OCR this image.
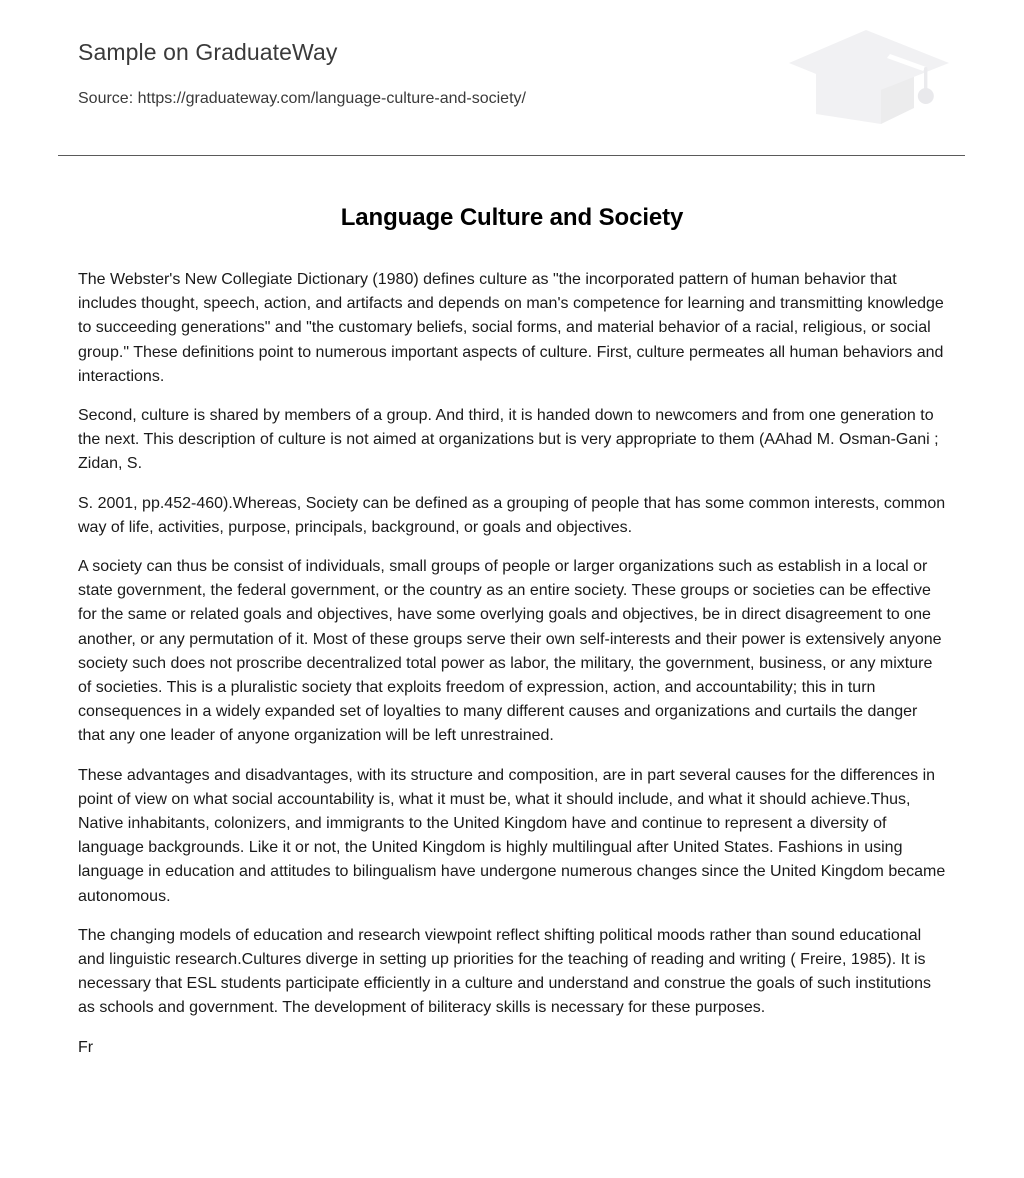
Sample on GraduateWay
Source: https://graduateway.com/language-culture-and-society/
Language Culture and Society

The Webster's New Collegiate Dictionary (1980) defines culture as "the incorporated pattern of human behavior that includes thought, speech, action, and artifacts and depends on man's competence for learning and transmitting knowledge to succeeding generations" and "the customary beliefs, social forms, and material behavior of a racial, religious, or social group." These definitions point to numerous important aspects of culture. First, culture permeates all human behaviors and interactions.

Second, culture is shared by members of a group. And third, it is handed down to newcomers and from one generation to the next. This description of culture is not aimed at organizations but is very appropriate to them (AAhad M. Osman-Gani ; Zidan, S.

S. 2001, pp.452-460).Whereas, Society can be defined as a grouping of people that has some common interests, common way of life, activities, purpose, principals, background, or goals and objectives.

A society can thus be consist of individuals, small groups of people or larger organizations such as establish in a local or state government, the federal government, or the country as an entire society. These groups or societies can be effective for the same or related goals and objectives, have some overlying goals and objectives, be in direct disagreement to one another, or any permutation of it. Most of these groups serve their own self-interests and their power is extensively anyone society such does not proscribe decentralized total power as labor, the military, the government, business, or any mixture of societies. This is a pluralistic society that exploits freedom of expression, action, and accountability; this in turn consequences in a widely expanded set of loyalties to many different causes and organizations and curtails the danger that any one leader of anyone organization will be left unrestrained.

These advantages and disadvantages, with its structure and composition, are in part several causes for the differences in point of view on what social accountability is, what it must be, what it should include, and what it should achieve.Thus, Native inhabitants, colonizers, and immigrants to the United Kingdom have and continue to represent a diversity of language backgrounds. Like it or not, the United Kingdom is highly multilingual after United States. Fashions in using language in education and attitudes to bilingualism have undergone numerous changes since the United Kingdom became autonomous.

The changing models of education and research viewpoint reflect shifting political moods rather than sound educational and linguistic research.Cultures diverge in setting up priorities for the teaching of reading and writing ( Freire, 1985). It is necessary that ESL students participate efficiently in a culture and understand and construe the goals of such institutions as schools and government. The development of biliteracy skills is necessary for these purposes.

Fr
